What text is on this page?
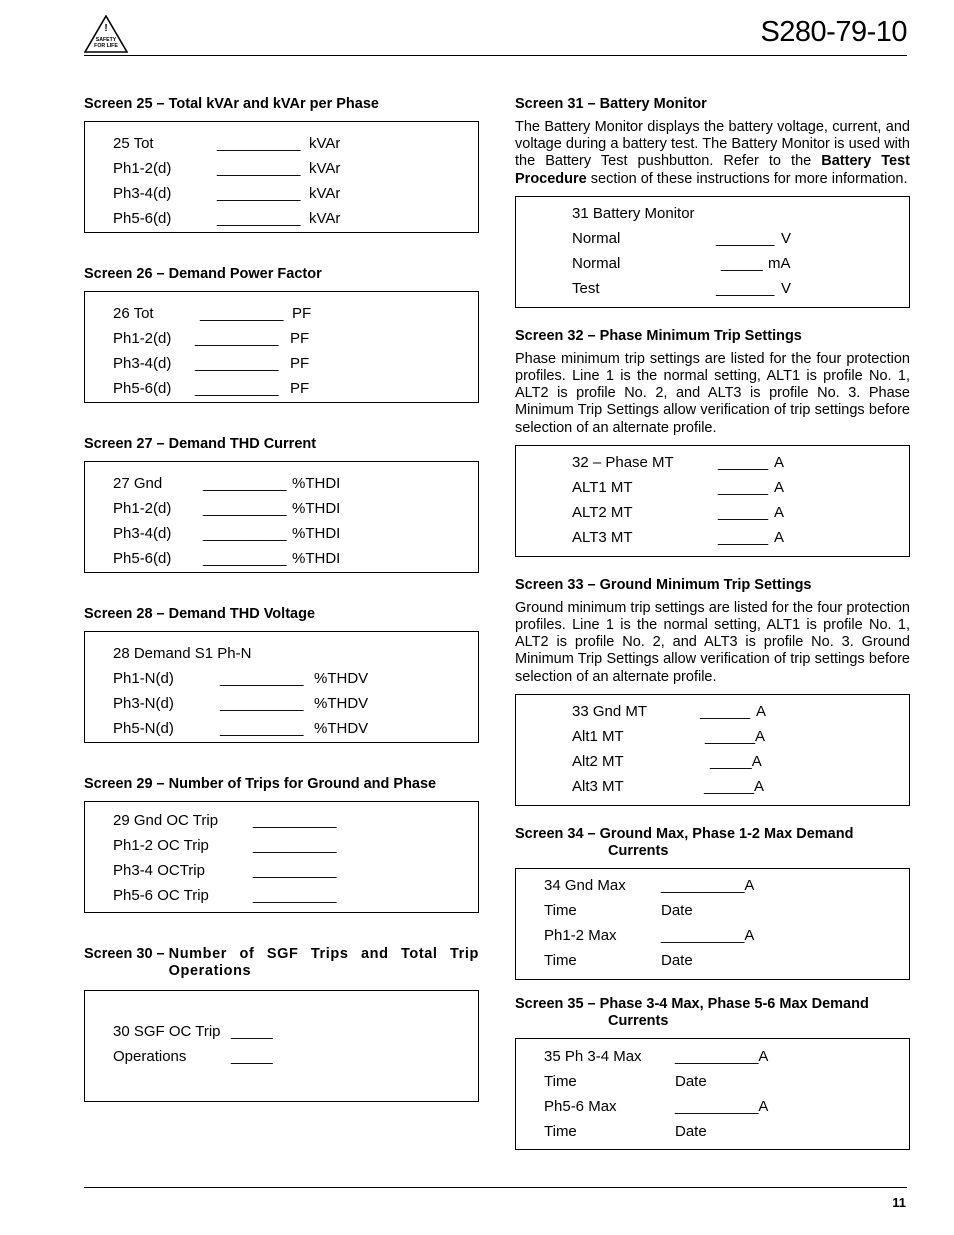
!
SAFETY
FOR LIFE	S280-79-10
Screen 25 – Total kVAr and kVAr per Phase
25 Tot	__________ kVAr
Ph1-2(d)	__________ kVAr
Ph3-4(d)	__________ kVAr
Ph5-6(d)	__________ kVAr
Screen 26 – Demand Power Factor
26 Tot	__________ PF
Ph1-2(d) __________ PF
Ph3-4(d) __________ PF
Ph5-6(d) __________ PF
Screen 27 – Demand THD Current
27 Gnd	__________ %THDI
Ph1-2(d) __________ %THDI
Ph3-4(d) __________ %THDI
Ph5-6(d) __________ %THDI
Screen 28 – Demand THD Voltage
28 Demand S1 Ph-N
Ph1-N(d)	__________ %THDV
Ph3-N(d)	__________ %THDV
Ph5-N(d)	__________ %THDV
Screen 29 – Number of Trips for Ground and Phase
29 Gnd OC Trip __________
Ph1-2 OC Trip	__________
Ph3-4 OCTrip	__________
Ph5-6 OC Trip	__________
Screen 30 – Number of SGF Trips and Total Trip Operations
30 SGF OC Trip _____
Operations	_____
Screen 31 – Battery Monitor

The Battery Monitor displays the battery voltage, current, and voltage during a battery test. The Battery Monitor is used with the Battery Test pushbutton. Refer to the Battery Test Procedure section of these instructions for more information.

31 Battery Monitor
Normal	_______ V
Normal	_____ mA
Test	_______ V
Screen 32 – Phase Minimum Trip Settings

Phase minimum trip settings are listed for the four protection profiles. Line 1 is the normal setting, ALT1 is profile No. 1, ALT2 is profile No. 2, and ALT3 is profile No. 3. Phase Minimum Trip Settings allow verification of trip settings before selection of an alternate profile.

32 – Phase MT	______ A
ALT1 MT	______ A
ALT2 MT	______ A
ALT3 MT	______ A
Screen 33 – Ground Minimum Trip Settings

Ground minimum trip settings are listed for the four protection profiles. Line 1 is the normal setting, ALT1 is profile No. 1, ALT2 is profile No. 2, and ALT3 is profile No. 3. Ground Minimum Trip Settings allow verification of trip settings before selection of an alternate profile.

33 Gnd MT	______ A
Alt1 MT	______A
Alt2 MT	_____A
Alt3 MT	______A
Screen 34 – Ground Max, Phase 1-2 Max Demand Currents
34 Gnd Max __________A
Time	Date
Ph1-2 Max	__________A
Time	Date
Screen 35 – Phase 3-4 Max, Phase 5-6 Max Demand Currents
35 Ph 3-4 Max __________A
Time	Date
Ph5-6 Max	__________A
Time	Date
11
